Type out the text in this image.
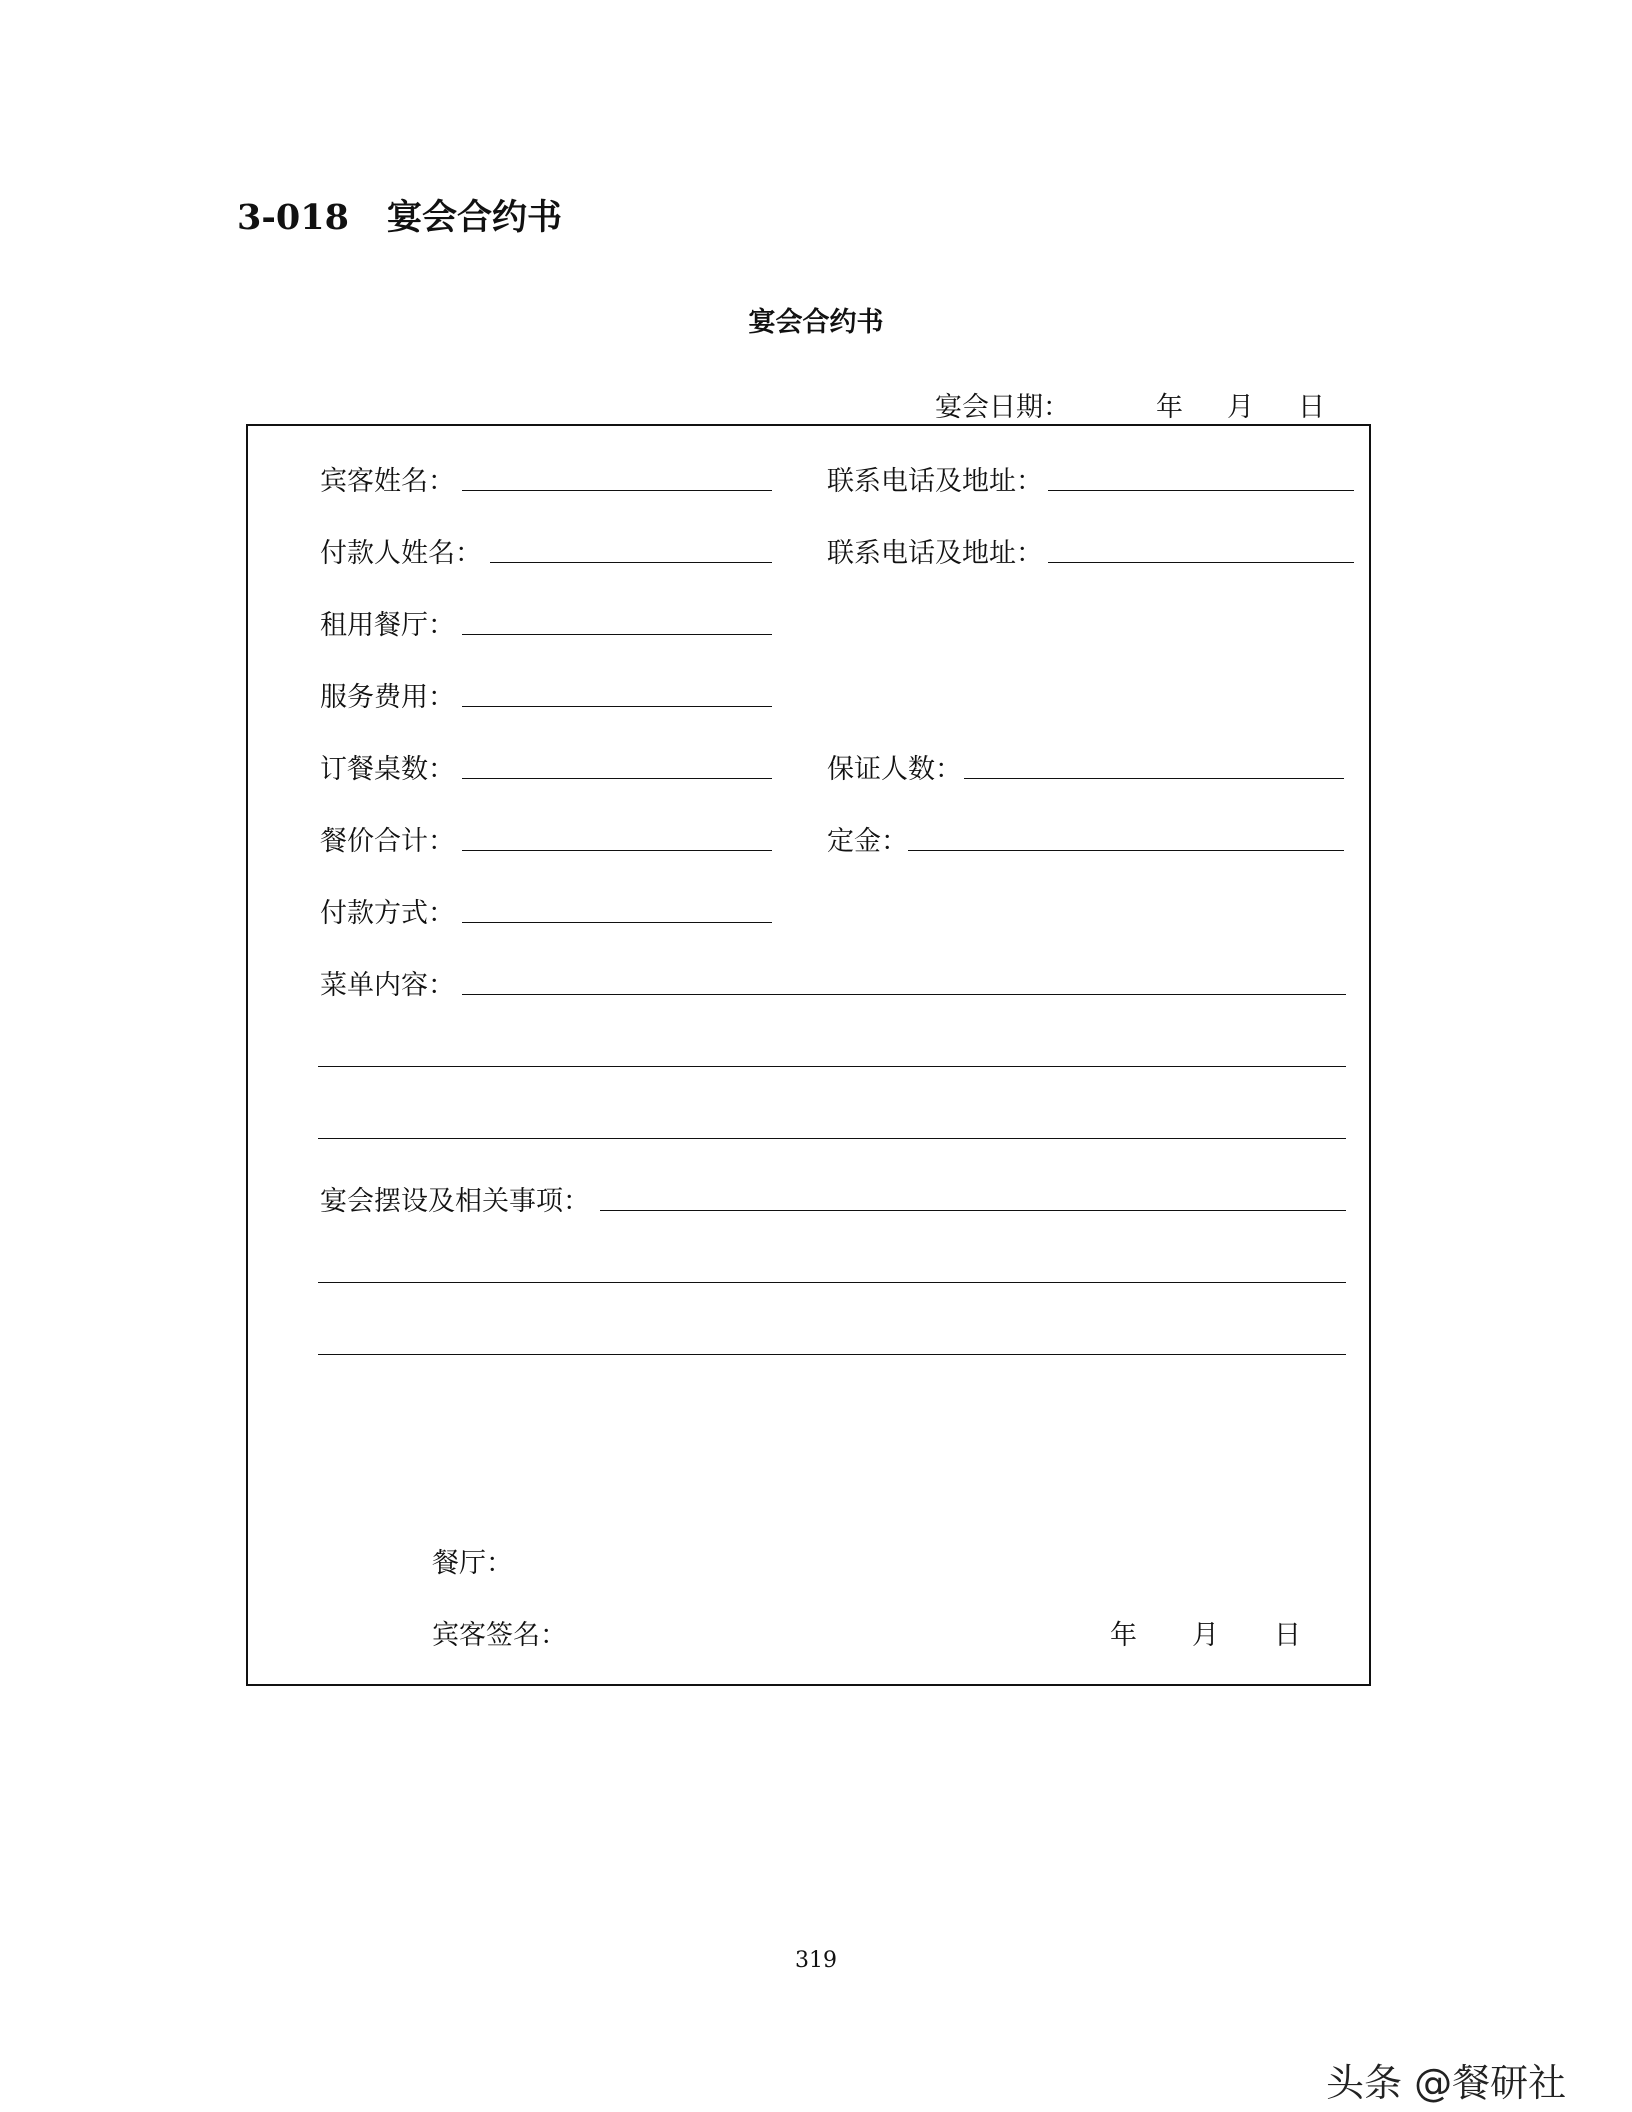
3-018 宴会合约书
宴会合约书
宴会日期：	年 月 日
宾客姓名：	联系电话及地址：
付款人姓名：	联系电话及地址：
租用餐厅：
服务费用：
订餐桌数：	保证人数：
餐价合计：	定金：
付款方式：
菜单内容：
宴会摆设及相关事项：
餐厅：
宾客签名：	年 月 日
319
头条 @餐研社
